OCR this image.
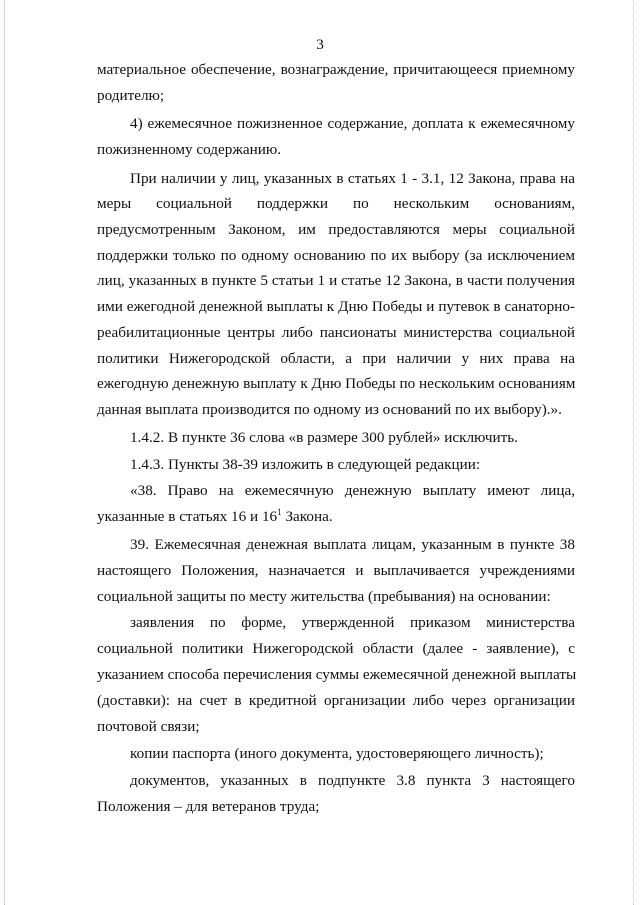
3
материальное обеспечение, вознаграждение, причитающееся приемному
родителю;
4) ежемесячное пожизненное содержание, доплата к ежемесячному
пожизненному содержанию.
При наличии у лиц, указанных в статьях 1 - 3.1, 12 Закона, права на
меры социальной поддержки по нескольким основаниям,
предусмотренным Законом, им предоставляются меры социальной
поддержки только по одному основанию по их выбору (за исключением
лиц, указанных в пункте 5 статьи 1 и статье 12 Закона, в части получения
ими ежегодной денежной выплаты к Дню Победы и путевок в санаторно-
реабилитационные центры либо пансионаты министерства социальной
политики Нижегородской области, а при наличии у них права на
ежегодную денежную выплату к Дню Победы по нескольким основаниям
данная выплата производится по одному из оснований по их выбору).».
1.4.2. В пункте 36 слова «в размере 300 рублей» исключить.
1.4.3. Пункты 38-39 изложить в следующей редакции:
«38. Право на ежемесячную денежную выплату имеют лица,
указанные в статьях 16 и $16^1$ Закона.
39. Ежемесячная денежная выплата лицам, указанным в пункте 38
настоящего Положения, назначается и выплачивается учреждениями
социальной защиты по месту жительства (пребывания) на основании:
заявления по форме, утвержденной приказом министерства
социальной политики Нижегородской области (далее - заявление), с
указанием способа перечисления суммы ежемесячной денежной выплаты
(доставки): на счет в кредитной организации либо через организации
почтовой связи;
копии паспорта (иного документа, удостоверяющего личность);
документов, указанных в подпункте 3.8 пункта 3 настоящего
Положения – для ветеранов труда;
